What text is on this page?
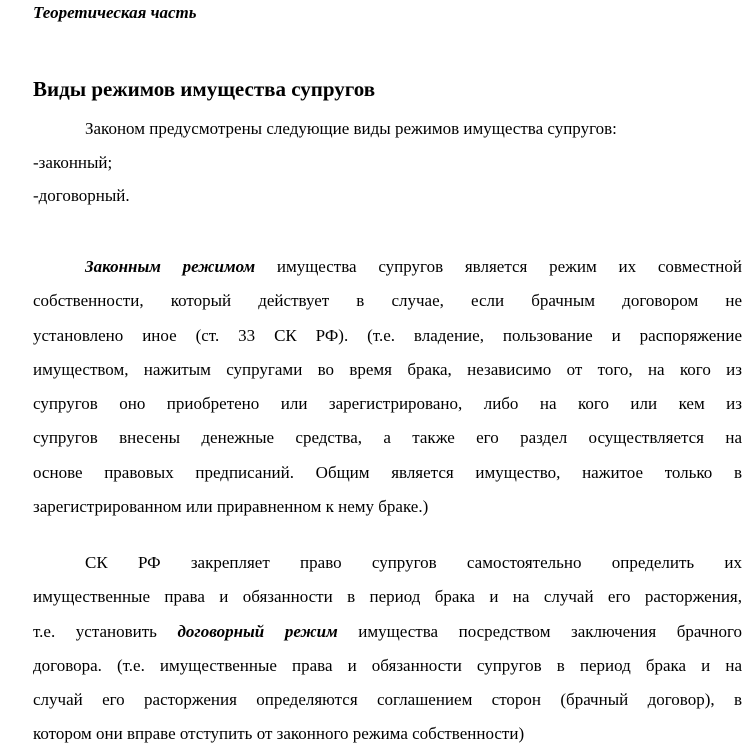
Теоретическая часть
Виды режимов имущества супругов
Законом предусмотрены следующие виды режимов имущества супругов:
-законный;
-договорный.
Законным режимом имущества супругов является режим их совместной
собственности, который действует в случае, если брачным договором не
установлено иное (ст. 33 СК РФ). (т.е. владение, пользование и распоряжение
имуществом, нажитым супругами во время брака, независимо от того, на кого из
супругов оно приобретено или зарегистрировано, либо на кого или кем из
супругов внесены денежные средства, а также его раздел осуществляется на
основе правовых предписаний. Общим является имущество, нажитое только в
зарегистрированном или приравненном к нему браке.)
СК РФ закрепляет право супругов самостоятельно определить их
имущественные права и обязанности в период брака и на случай его расторжения,
т.е. установить договорный режим имущества посредством заключения брачного
договора. (т.е. имущественные права и обязанности супругов в период брака и на
случай его расторжения определяются соглашением сторон (брачный договор), в
котором они вправе отступить от законного режима собственности)
